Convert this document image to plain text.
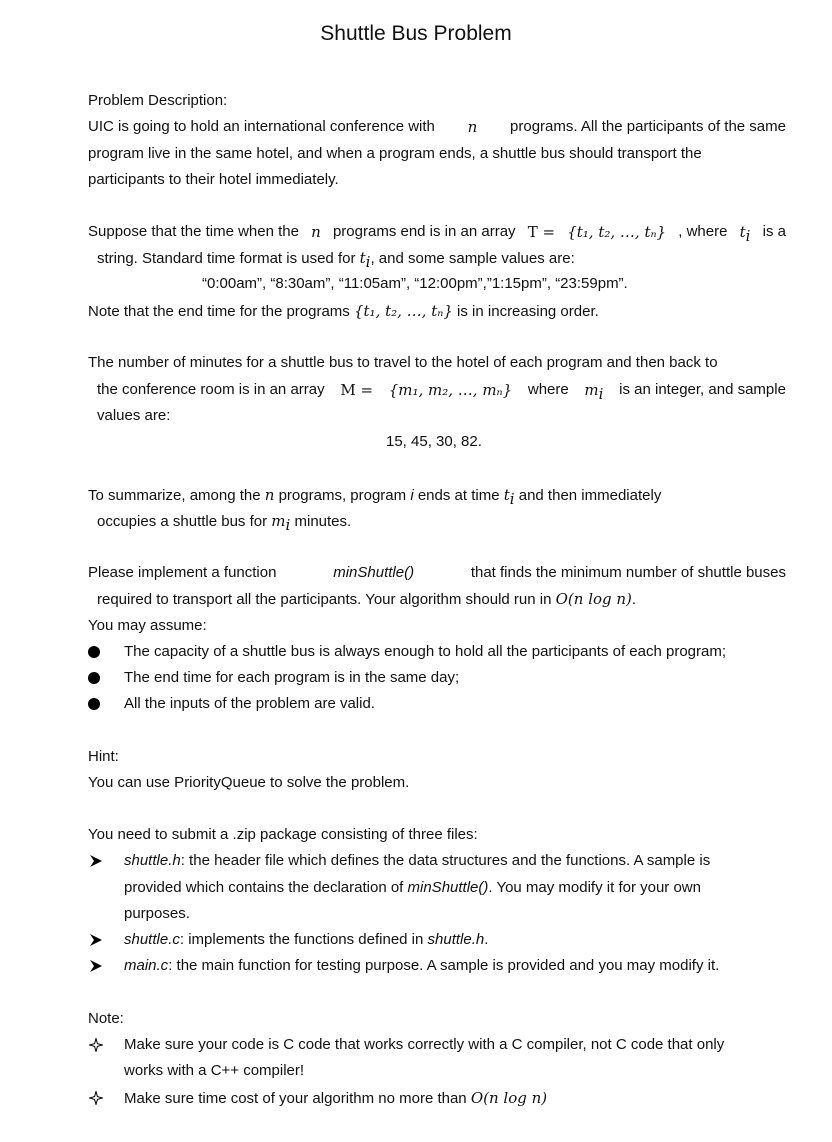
Shuttle Bus Problem
Problem Description:
UIC is going to hold an international conference with n programs. All the participants of the same
program live in the same hotel, and when a program ends, a shuttle bus should transport the
participants to their hotel immediately.
Suppose that the time when the n programs end is in an array T = {t₁, t₂, …, tₙ} , where $t_i$ is a
string. Standard time format is used for $t_i$, and some sample values are:
“0:00am”, “8:30am”, “11:05am”, “12:00pm”,”1:15pm”, “23:59pm”.
Note that the end time for the programs {t₁, t₂, …, tₙ} is in increasing order.
The number of minutes for a shuttle bus to travel to the hotel of each program and then back to
the conference room is in an array M = {m₁, m₂, …, mₙ} where $m_i$ is an integer, and sample
values are:
15, 45, 30, 82.
To summarize, among the n programs, program i ends at time $t_i$ and then immediately
occupies a shuttle bus for $m_i$ minutes.
Please implement a function	minShuttle()	that finds the minimum number of shuttle buses
required to transport all the participants. Your algorithm should run in O(n log n).
You may assume:
The capacity of a shuttle bus is always enough to hold all the participants of each program;
The end time for each program is in the same day;
All the inputs of the problem are valid.
Hint:
You can use PriorityQueue to solve the problem.
You need to submit a .zip package consisting of three files:
shuttle.h: the header file which defines the data structures and the functions. A sample is
provided which contains the declaration of minShuttle(). You may modify it for your own
purposes.
shuttle.c: implements the functions defined in shuttle.h.
main.c: the main function for testing purpose. A sample is provided and you may modify it.
Note:
Make sure your code is C code that works correctly with a C compiler, not C code that only
works with a C++ compiler!
Make sure time cost of your algorithm no more than O(n log n)
